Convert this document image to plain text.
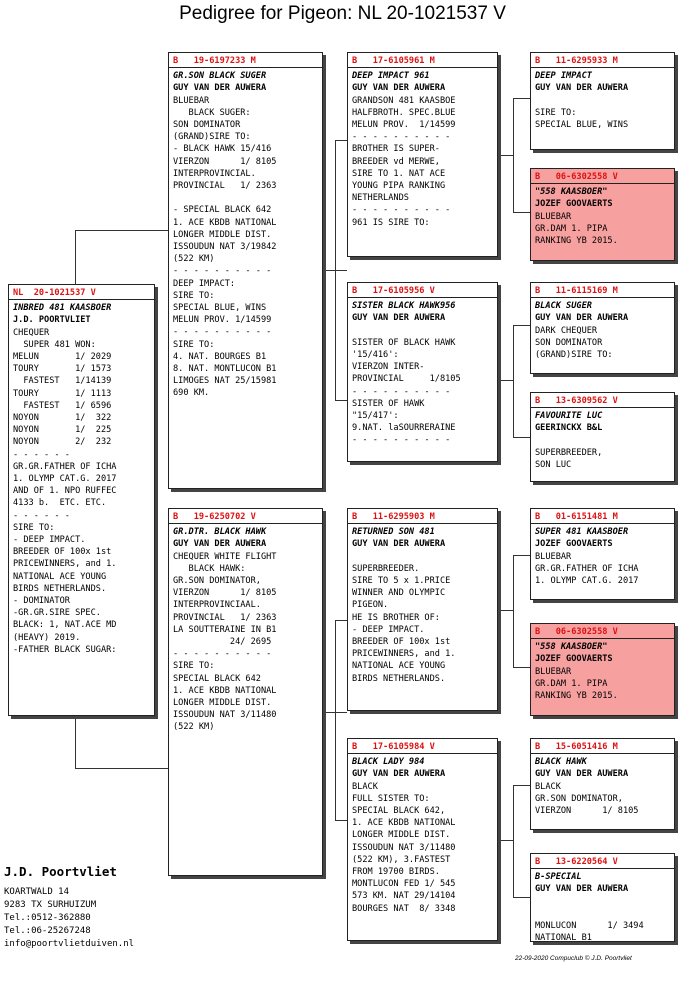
Pedigree for Pigeon: NL 20-1021537 V
NL  20-1021537 V
INBRED 481 KAASBOER
J.D. POORTVLIET
CHEQUER
SUPER 481 WON:
MELUN       1/ 2029
TOURY       1/ 1573
FASTEST   1/14139
TOURY       1/ 1113
FASTEST   1/ 6596
NOYON       1/  322
NOYON       1/  225
NOYON       2/  232
- - - - - -
GR.GR.FATHER OF ICHA
1. OLYMP CAT.G. 2017
AND OF 1. NPO RUFFEC
4133 b.  ETC. ETC.
- - - - - -
SIRE TO:
- DEEP IMPACT.
BREEDER OF 100x 1st
PRICEWINNERS, and 1.
NATIONAL ACE YOUNG
BIRDS NETHERLANDS.
- DOMINATOR
-GR.GR.SIRE SPEC.
BLACK: 1, NAT.ACE MD
(HEAVY) 2019.
-FATHER BLACK SUGAR:
B   19-6197233 M
GR.SON BLACK SUGER
GUY VAN DER AUWERA
BLUEBAR
BLACK SUGER:
SON DOMINATOR
(GRAND)SIRE TO:
- BLACK HAWK 15/416
VIERZON      1/ 8105
INTERPROVINCIAL.
PROVINCIAL   1/ 2363

- SPECIAL BLACK 642
1. ACE KBDB NATIONAL
LONGER MIDDLE DIST.
ISSOUDUN NAT 3/19842
(522 KM)
- - - - - - - - - -
DEEP IMPACT:
SIRE TO:
SPECIAL BLUE, WINS
MELUN PROV. 1/14599
- - - - - - - - - -
SIRE TO:
4. NAT. BOURGES B1
8. NAT. MONTLUCON B1
LIMOGES NAT 25/15981
690 KM.
B   19-6250702 V
GR.DTR. BLACK HAWK
GUY VAN DER AUWERA
CHEQUER WHITE FLIGHT
BLACK HAWK:
GR.SON DOMINATOR,
VIERZON      1/ 8105
INTERPROVINCIAAL.
PROVINCIAL   1/ 2363
LA SOUTTERAINE IN B1
24/ 2695
- - - - - - - - - -
SIRE TO:
SPECIAL BLACK 642
1. ACE KBDB NATIONAL
LONGER MIDDLE DIST.
ISSOUDUN NAT 3/11480
(522 KM)
B   17-6105961 M
DEEP IMPACT 961
GUY VAN DER AUWERA
GRANDSON 481 KAASBOE
HALFBROTH. SPEC.BLUE
MELUN PROV.  1/14599
- - - - - - - - - -
BROTHER IS SUPER-
BREEDER vd MERWE,
SIRE TO 1. NAT ACE
YOUNG PIPA RANKING
NETHERLANDS
- - - - - - - - - -
961 IS SIRE TO:
B   17-6105956 V
SISTER BLACK HAWK956
GUY VAN DER AUWERA

SISTER OF BLACK HAWK
'15/416':
VIERZON INTER-
PROVINCIAL     1/8105
- - - - - - - - - -
SISTER OF HAWK
"15/417':
9.NAT. laSOURRERAINE
- - - - - - - - - -
B   11-6295903 M
RETURNED SON 481
GUY VAN DER AUWERA

SUPERBREEDER.
SIRE TO 5 x 1.PRICE
WINNER AND OLYMPIC
PIGEON.
HE IS BROTHER OF:
- DEEP IMPACT.
BREEDER OF 100x 1st
PRICEWINNERS, and 1.
NATIONAL ACE YOUNG
BIRDS NETHERLANDS.
B   17-6105984 V
BLACK LADY 984
GUY VAN DER AUWERA
BLACK
FULL SISTER TO:
SPECIAL BLACK 642,
1. ACE KBDB NATIONAL
LONGER MIDDLE DIST.
ISSOUDUN NAT 3/11480
(522 KM), 3.FASTEST
FROM 19700 BIRDS.
MONTLUCON FED 1/ 545
573 KM. NAT 29/14104
BOURGES NAT  8/ 3348
B   11-6295933 M
DEEP IMPACT
GUY VAN DER AUWERA

SIRE TO:
SPECIAL BLUE, WINS
B   06-6302558 V
"558 KAASBOER"
JOZEF GOOVAERTS
BLUEBAR
GR.DAM 1. PIPA
RANKING YB 2015.
B   11-6115169 M
BLACK SUGER
GUY VAN DER AUWERA
DARK CHEQUER
SON DOMINATOR
(GRAND)SIRE TO:
B   13-6309562 V
FAVOURITE LUC
GEERINCKX B&L

SUPERBREEDER,
SON LUC
B   01-6151481 M
SUPER 481 KAASBOER
JOZEF GOOVAERTS
BLUEBAR
GR.GR.FATHER OF ICHA
1. OLYMP CAT.G. 2017
B   06-6302558 V
"558 KAASBOER"
JOZEF GOOVAERTS
BLUEBAR
GR.DAM 1. PIPA
RANKING YB 2015.
B   15-6051416 M
BLACK HAWK
GUY VAN DER AUWERA
BLACK
GR.SON DOMINATOR,
VIERZON      1/ 8105
B   13-6220564 V
B-SPECIAL
GUY VAN DER AUWERA

MONLUCON      1/ 3494
NATIONAL B1
J.D. Poortvliet
KOARTWALD 14
9283 TX SURHUIZUM
Tel.:0512-362880
Tel.:06-25267248
info@poortvlietduiven.nl
22-09-2020 Compuclub © J.D. Poortvliet
